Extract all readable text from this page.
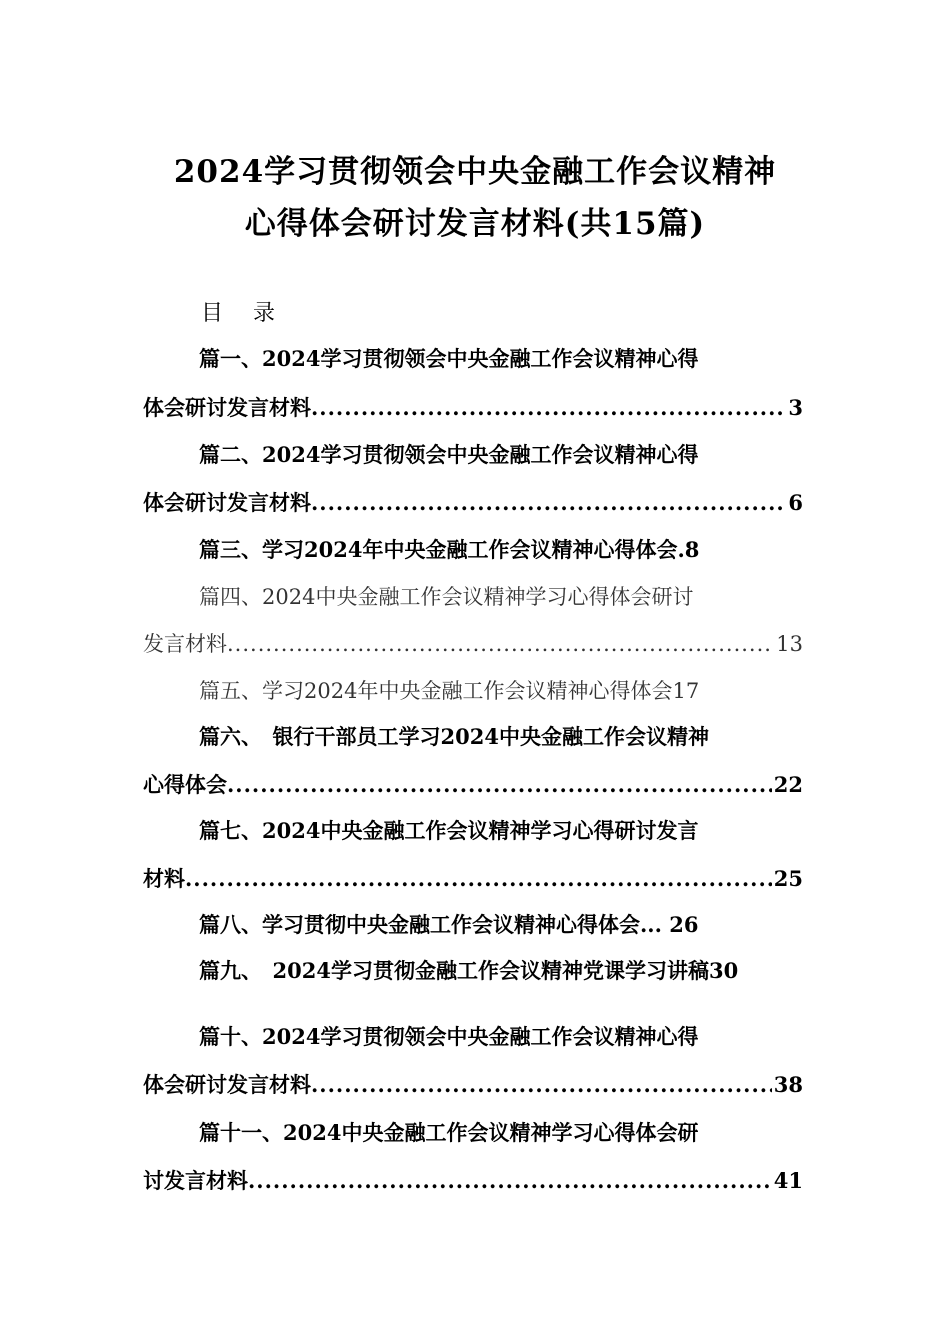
2024学习贯彻领会中央金融工作会议精神
心得体会研讨发言材料(共15篇)
目录
篇一、2024学习贯彻领会中央金融工作会议精神心得
体会研讨发言材料 .....	3
篇二、2024学习贯彻领会中央金融工作会议精神心得
体会研讨发言材料 .....	6
篇三、学习2024年中央金融工作会议精神心得体会.8
篇四、2024中央金融工作会议精神学习心得体会研讨
发言材料 .....	13
篇五、学习2024年中央金融工作会议精神心得体会17
篇六、　银行干部员工学习2024中央金融工作会议精神
心得体会 .....	22
篇七、2024中央金融工作会议精神学习心得研讨发言
材料 .....	25
篇八、学习贯彻中央金融工作会议精神心得体会... 26
篇九、　2024学习贯彻金融工作会议精神党课学习讲稿30
篇十、2024学习贯彻领会中央金融工作会议精神心得
体会研讨发言材料 .....	38
篇十一、2024中央金融工作会议精神学习心得体会研
讨发言材料 .....	41
